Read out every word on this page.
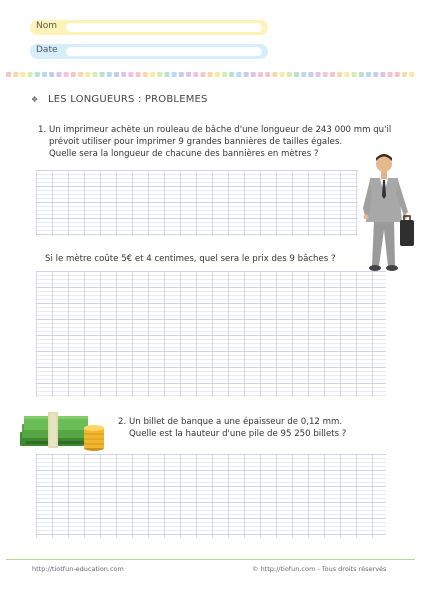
Nom
Date
❖ LES LONGUEURS : PROBLEMES
1. Un imprimeur achète un rouleau de bâche d'une longueur de 243 000 mm qu'il
prévoit utiliser pour imprimer 9 grandes bannières de tailles égales.
Quelle sera la longueur de chacune des bannières en mètres ?
Si le mètre coûte 5€ et 4 centimes, quel sera le prix des 9 bâches ?
2. Un billet de banque a une épaisseur de 0,12 mm.
Quelle est la hauteur d'une pile de 95 250 billets ?
http://tiotfun-education.com	© http://tiofun.com - Tous droits réservés
